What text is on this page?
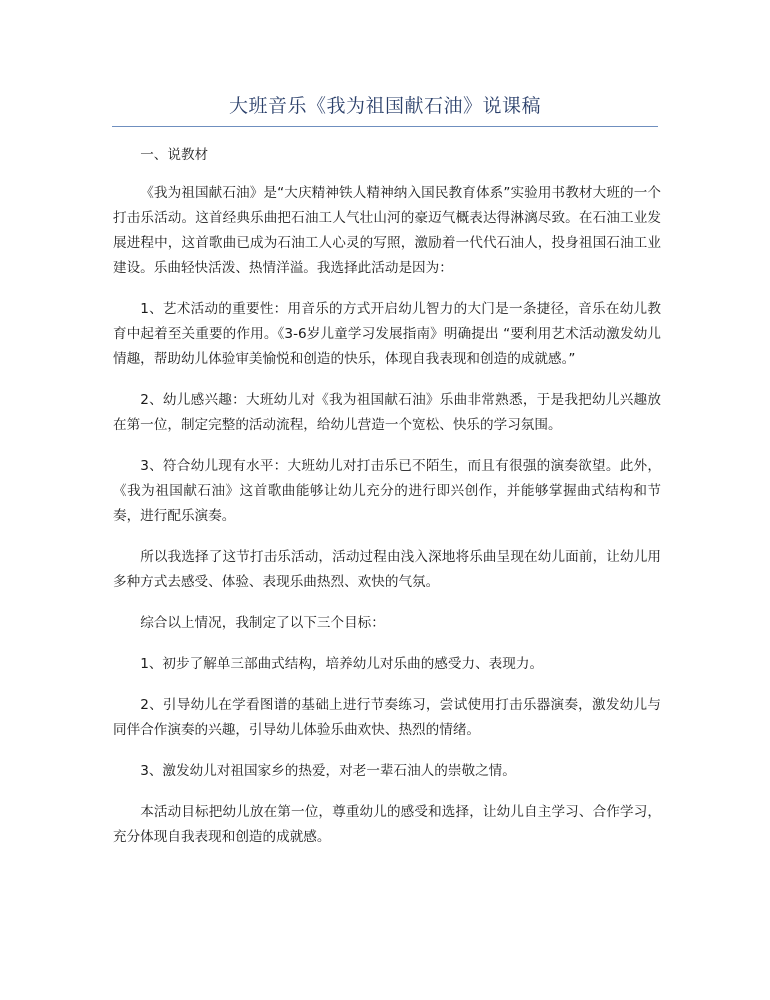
大班音乐《我为祖国献石油》说课稿

一、说教材

《我为祖国献石油》是“大庆精神铁人精神纳入国民教育体系”实验用书教材大班的一个打击乐活动。这首经典乐曲把石油工人气壮山河的豪迈气概表达得淋漓尽致。在石油工业发展进程中，这首歌曲已成为石油工人心灵的写照，激励着一代代石油人，投身祖国石油工业建设。乐曲轻快活泼、热情洋溢。我选择此活动是因为：

1、艺术活动的重要性：用音乐的方式开启幼儿智力的大门是一条捷径，音乐在幼儿教育中起着至关重要的作用。《3-6岁儿童学习发展指南》明确提出 “要利用艺术活动激发幼儿情趣，帮助幼儿体验审美愉悦和创造的快乐，体现自我表现和创造的成就感。”

2、幼儿感兴趣：大班幼儿对《我为祖国献石油》乐曲非常熟悉，于是我把幼儿兴趣放在第一位，制定完整的活动流程，给幼儿营造一个宽松、快乐的学习氛围。

3、符合幼儿现有水平：大班幼儿对打击乐已不陌生，而且有很强的演奏欲望。此外，《我为祖国献石油》这首歌曲能够让幼儿充分的进行即兴创作，并能够掌握曲式结构和节奏，进行配乐演奏。

所以我选择了这节打击乐活动，活动过程由浅入深地将乐曲呈现在幼儿面前，让幼儿用多种方式去感受、体验、表现乐曲热烈、欢快的气氛。

综合以上情况，我制定了以下三个目标：

1、初步了解单三部曲式结构，培养幼儿对乐曲的感受力、表现力。

2、引导幼儿在学看图谱的基础上进行节奏练习，尝试使用打击乐器演奏，激发幼儿与同伴合作演奏的兴趣，引导幼儿体验乐曲欢快、热烈的情绪。

3、激发幼儿对祖国家乡的热爱，对老一辈石油人的崇敬之情。

本活动目标把幼儿放在第一位，尊重幼儿的感受和选择，让幼儿自主学习、合作学习，充分体现自我表现和创造的成就感。
